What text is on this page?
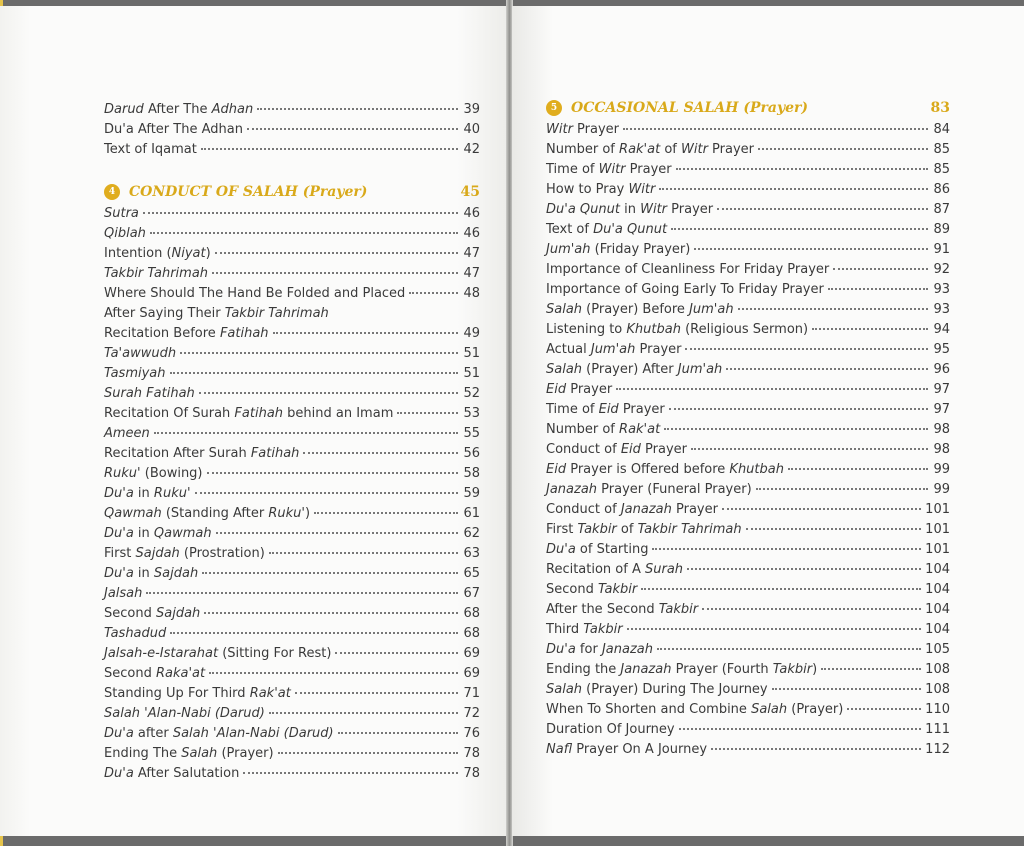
Darud After The Adhan	39
Du'a After The Adhan	40
Text of Iqamat	42
4 CONDUCT OF SALAH (Prayer)	45
Sutra	46
Qiblah	46
Intention (Niyat)	47
Takbir Tahrimah	47
Where Should The Hand Be Folded and Placed	48
After Saying Their Takbir Tahrimah
Recitation Before Fatihah	49
Ta'awwudh	51
Tasmiyah	51
Surah Fatihah	52
Recitation Of Surah Fatihah behind an Imam	53
Ameen	55
Recitation After Surah Fatihah	56
Ruku' (Bowing)	58
Du'a in Ruku'	59
Qawmah (Standing After Ruku')	61
Du'a in Qawmah	62
First Sajdah (Prostration)	63
Du'a in Sajdah	65
Jalsah	67
Second Sajdah	68
Tashadud	68
Jalsah-e-Istarahat (Sitting For Rest)	69
Second Raka'at	69
Standing Up For Third Rak'at	71
Salah 'Alan-Nabi (Darud)	72
Du'a after Salah 'Alan-Nabi (Darud)	76
Ending The Salah (Prayer)	78
Du'a After Salutation	78
5 OCCASIONAL SALAH (Prayer)	83
Witr Prayer	84
Number of Rak'at of Witr Prayer	85
Time of Witr Prayer	85
How to Pray Witr	86
Du'a Qunut in Witr Prayer	87
Text of Du'a Qunut	89
Jum'ah (Friday Prayer)	91
Importance of Cleanliness For Friday Prayer	92
Importance of Going Early To Friday Prayer	93
Salah (Prayer) Before Jum'ah	93
Listening to Khutbah (Religious Sermon)	94
Actual Jum'ah Prayer	95
Salah (Prayer) After Jum'ah	96
Eid Prayer	97
Time of Eid Prayer	97
Number of Rak'at	98
Conduct of Eid Prayer	98
Eid Prayer is Offered before Khutbah	99
Janazah Prayer (Funeral Prayer)	99
Conduct of Janazah Prayer	101
First Takbir of Takbir Tahrimah	101
Du'a of Starting	101
Recitation of A Surah	104
Second Takbir	104
After the Second Takbir	104
Third Takbir	104
Du'a for Janazah	105
Ending the Janazah Prayer (Fourth Takbir)	108
Salah (Prayer) During The Journey	108
When To Shorten and Combine Salah (Prayer)	110
Duration Of Journey	111
Nafl Prayer On A Journey	112
